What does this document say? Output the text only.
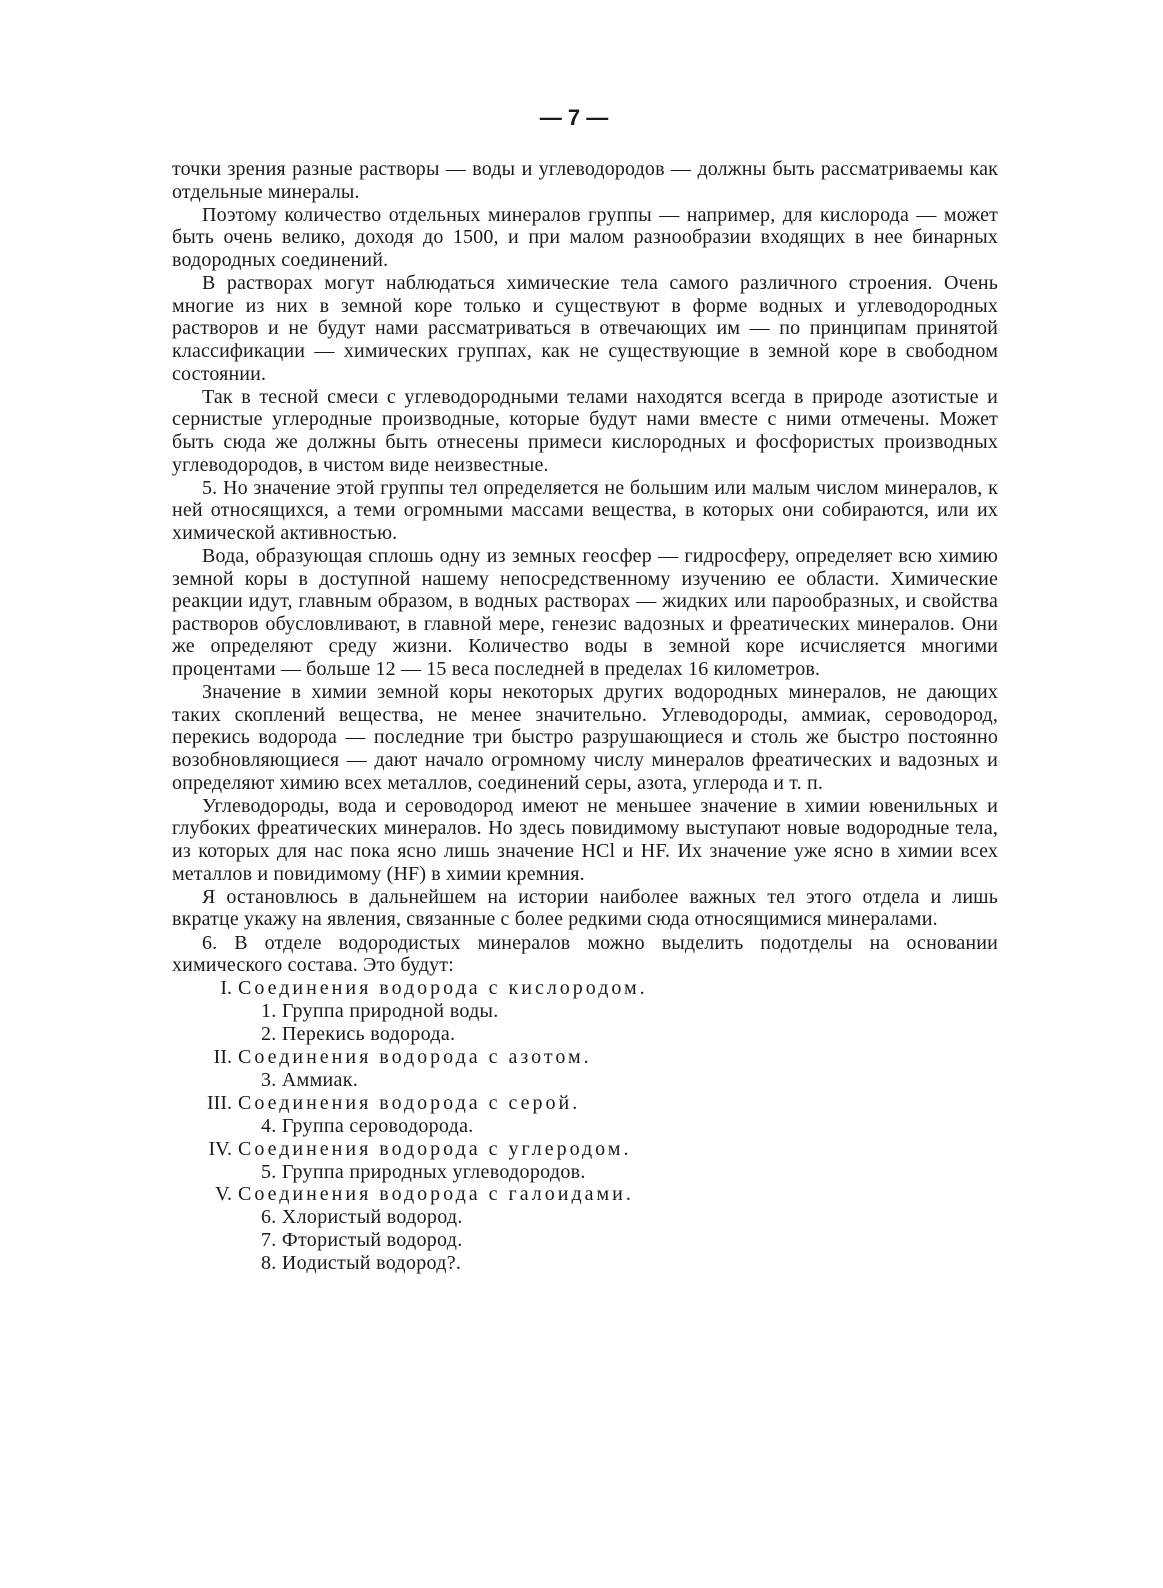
— 7 —

точки зрения разные растворы — воды и углеводородов — должны быть рассматриваемы как отдельные минералы.

Поэтому количество отдельных минералов группы — например, для кислорода — может быть очень велико, доходя до 1500, и при малом разнообразии входящих в нее бинарных водородных соединений.

В растворах могут наблюдаться химические тела самого различного строения. Очень многие из них в земной коре только и существуют в форме водных и углеводородных растворов и не будут нами рассматриваться в отвечающих им — по принципам принятой классификации — химических группах, как не существующие в земной коре в свободном состоянии.

Так в тесной смеси с углеводородными телами находятся всегда в природе азотистые и сернистые углеродные производные, которые будут нами вместе с ними отмечены. Может быть сюда же должны быть отнесены примеси кислородных и фосфористых производных углеводородов, в чистом виде неизвестные.

5. Но значение этой группы тел определяется не большим или малым числом минералов, к ней относящихся, а теми огромными массами вещества, в которых они собираются, или их химической активностью.

Вода, образующая сплошь одну из земных геосфер — гидросферу, определяет всю химию земной коры в доступной нашему непосредственному изучению ее области. Химические реакции идут, главным образом, в водных растворах — жидких или парообразных, и свойства растворов обусловливают, в главной мере, генезис вадозных и фреатических минералов. Они же определяют среду жизни. Количество воды в земной коре исчисляется многими процентами — больше 12 — 15 веса последней в пределах 16 километров.

Значение в химии земной коры некоторых других водородных минералов, не дающих таких скоплений вещества, не менее значительно. Углеводороды, аммиак, сероводород, перекись водорода — последние три быстро разрушающиеся и столь же быстро постоянно возобновляющиеся — дают начало огромному числу минералов фреатических и вадозных и определяют химию всех металлов, соединений серы, азота, углерода и т. п.

Углеводороды, вода и сероводород имеют не меньшее значение в химии ювенильных и глубоких фреатических минералов. Но здесь повидимому выступают новые водородные тела, из которых для нас пока ясно лишь значение HCl и HF. Их значение уже ясно в химии всех металлов и повидимому (HF) в химии кремния.

Я остановлюсь в дальнейшем на истории наиболее важных тел этого отдела и лишь вкратце укажу на явления, связанные с более редкими сюда относящимися минералами.

6. В отделе водородистых минералов можно выделить подотделы на основании химического состава. Это будут:

I. Соединения водорода с кислородом.
1. Группа природной воды.
2. Перекись водорода.
II. Соединения водорода с азотом.
3. Аммиак.
III. Соединения водорода с серой.
4. Группа сероводорода.
IV. Соединения водорода с углеродом.
5. Группа природных углеводородов.
V. Соединения водорода с галоидами.
6. Хлористый водород.
7. Фтористый водород.
8. Иодистый водород?.
